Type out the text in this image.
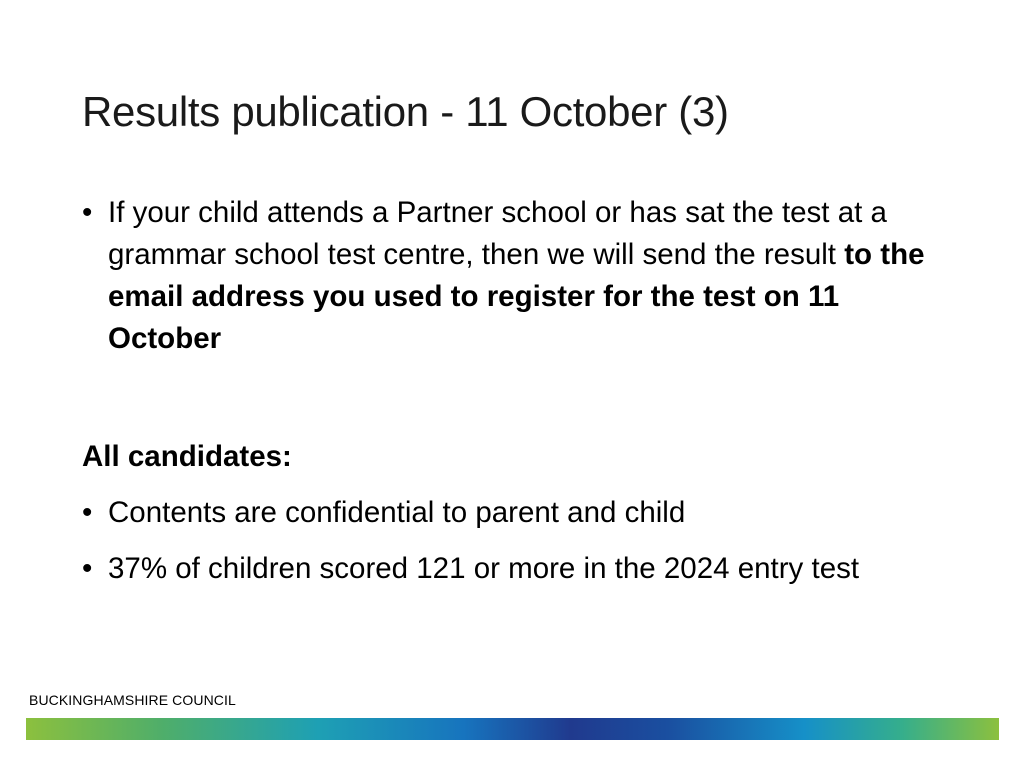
Results publication - 11 October (3)

• If your child attends a Partner school or has sat the test at a grammar school test centre, then we will send the result to the email address you used to register for the test on 11 October

All candidates:

• Contents are confidential to parent and child

• 37% of children scored 121 or more in the 2024 entry test

BUCKINGHAMSHIRE COUNCIL
